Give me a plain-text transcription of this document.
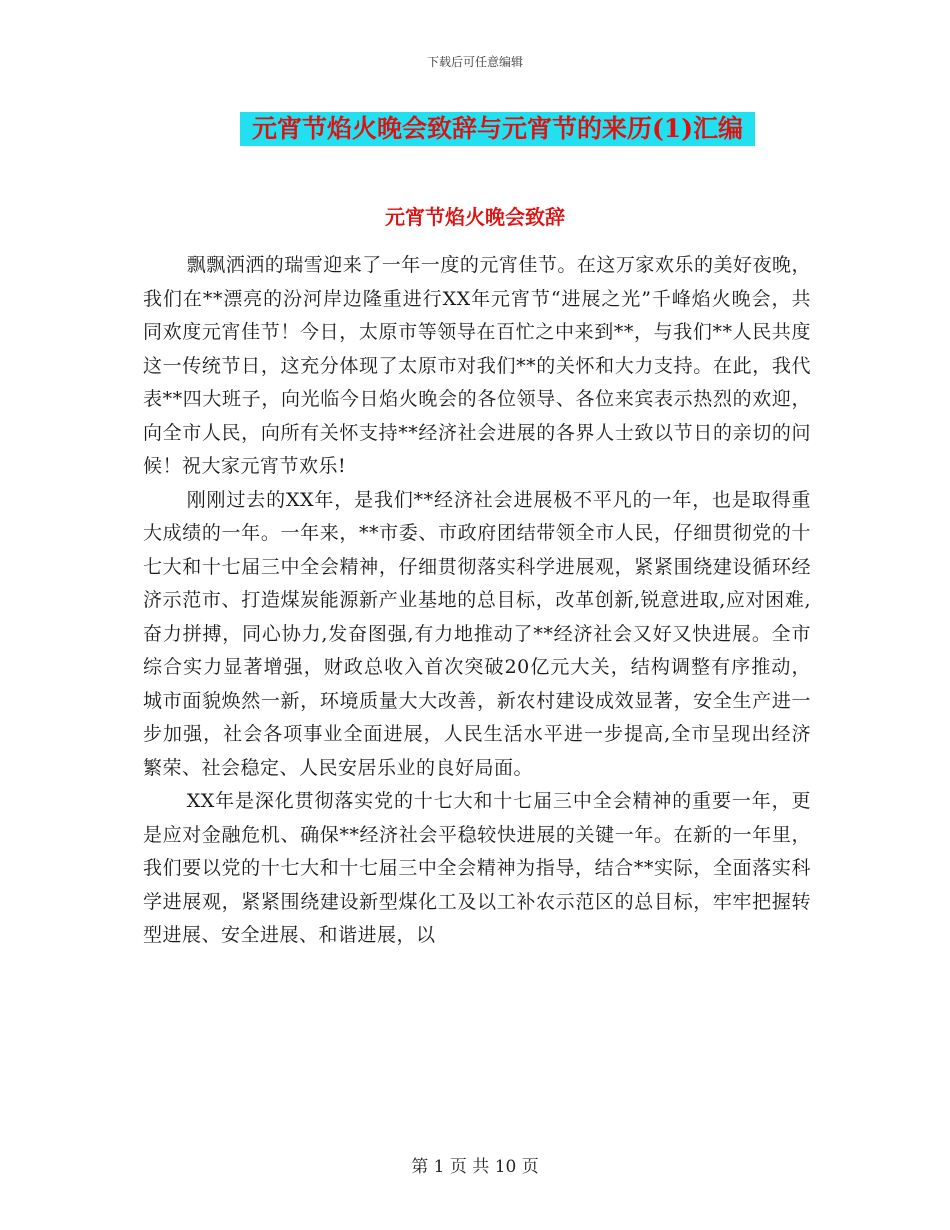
下载后可任意编辑
元宵节焰火晚会致辞与元宵节的来历(1)汇编
元宵节焰火晚会致辞

飘飘洒洒的瑞雪迎来了一年一度的元宵佳节。在这万家欢乐的美好夜晚，我们在**漂亮的汾河岸边隆重进行XX年元宵节“进展之光”千峰焰火晚会，共同欢度元宵佳节！今日，太原市等领导在百忙之中来到**，与我们**人民共度这一传统节日，这充分体现了太原市对我们**的关怀和大力支持。在此，我代表**四大班子，向光临今日焰火晚会的各位领导、各位来宾表示热烈的欢迎，向全市人民，向所有关怀支持**经济社会进展的各界人士致以节日的亲切的问候！祝大家元宵节欢乐!

刚刚过去的XX年，是我们**经济社会进展极不平凡的一年，也是取得重大成绩的一年。一年来，**市委、市政府团结带领全市人民，仔细贯彻党的十七大和十七届三中全会精神，仔细贯彻落实科学进展观，紧紧围绕建设循环经济示范市、打造煤炭能源新产业基地的总目标，改革创新,锐意进取,应对困难,奋力拼搏，同心协力,发奋图强,有力地推动了**经济社会又好又快进展。全市综合实力显著增强，财政总收入首次突破20亿元大关，结构调整有序推动，城市面貌焕然一新，环境质量大大改善，新农村建设成效显著，安全生产进一步加强，社会各项事业全面进展，人民生活水平进一步提高,全市呈现出经济繁荣、社会稳定、人民安居乐业的良好局面。

XX年是深化贯彻落实党的十七大和十七届三中全会精神的重要一年，更是应对金融危机、确保**经济社会平稳较快进展的关键一年。在新的一年里，我们要以党的十七大和十七届三中全会精神为指导，结合**实际，全面落实科学进展观，紧紧围绕建设新型煤化工及以工补农示范区的总目标，牢牢把握转型进展、安全进展、和谐进展，以

第 1 页 共 10 页
